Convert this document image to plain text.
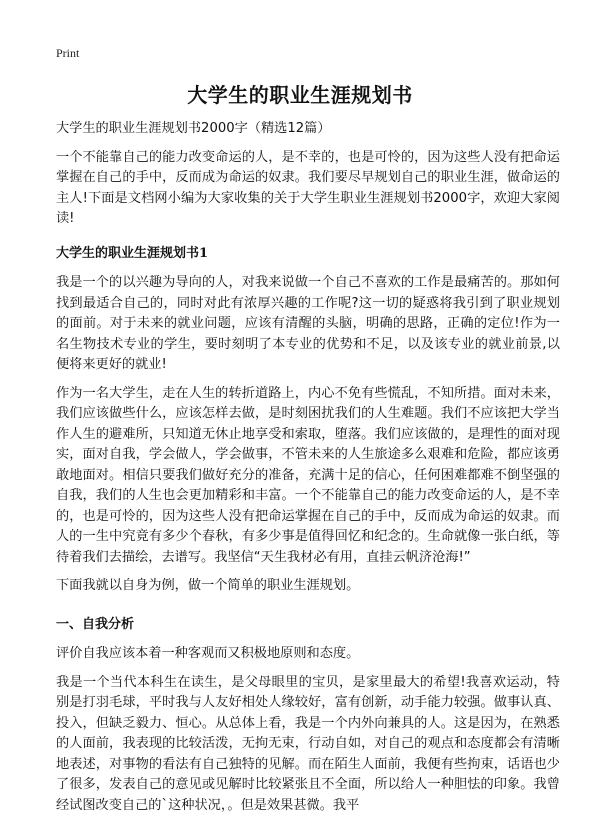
Print
大学生的职业生涯规划书

大学生的职业生涯规划书2000字（精选12篇）

一个不能靠自己的能力改变命运的人，是不幸的，也是可怜的，因为这些人没有把命运掌握在自己的手中，反而成为命运的奴隶。我们要尽早规划自己的职业生涯，做命运的主人!下面是文档网小编为大家收集的关于大学生职业生涯规划书2000字，欢迎大家阅读!

大学生的职业生涯规划书1

我是一个的以兴趣为导向的人，对我来说做一个自己不喜欢的工作是最痛苦的。那如何找到最适合自己的，同时对此有浓厚兴趣的工作呢?这一切的疑惑将我引到了职业规划的面前。对于未来的就业问题，应该有清醒的头脑，明确的思路，正确的定位!作为一名生物技术专业的学生，要时刻明了本专业的优势和不足，以及该专业的就业前景,以便将来更好的就业!

作为一名大学生，走在人生的转折道路上，内心不免有些慌乱，不知所措。面对未来，我们应该做些什么，应该怎样去做，是时刻困扰我们的人生难题。我们不应该把大学当作人生的避难所，只知道无休止地享受和索取，堕落。我们应该做的，是理性的面对现实，面对自我，学会做人，学会做事，不管未来的人生旅途多么艰难和危险，都应该勇敢地面对。相信只要我们做好充分的准备，充满十足的信心，任何困难都难不倒坚强的自我，我们的人生也会更加精彩和丰富。一个不能靠自己的能力改变命运的人，是不幸的，也是可怜的，因为这些人没有把命运掌握在自己的手中，反而成为命运的奴隶。而人的一生中究竟有多少个春秋，有多少事是值得回忆和纪念的。生命就像一张白纸，等待着我们去描绘，去谱写。我坚信“天生我材必有用，直挂云帆济沧海!”

下面我就以自身为例，做一个简单的职业生涯规划。

一、自我分析

评价自我应该本着一种客观而又积极地原则和态度。

我是一个当代本科生在读生，是父母眼里的宝贝，是家里最大的希望!我喜欢运动，特别是打羽毛球，平时我与人友好相处人缘较好，富有创新，动手能力较强。做事认真、投入，但缺乏毅力、恒心。从总体上看，我是一个内外向兼具的人。这是因为，在熟悉的人面前，我表现的比较活泼，无拘无束，行动自如，对自己的观点和态度都会有清晰地表述，对事物的看法有自己独特的见解。而在陌生人面前，我便有些拘束，话语也少了很多，发表自己的意见或见解时比较紧张且不全面，所以给人一种胆怯的印象。我曾经试图改变自己的`这种状况，。但是效果甚微。我平
